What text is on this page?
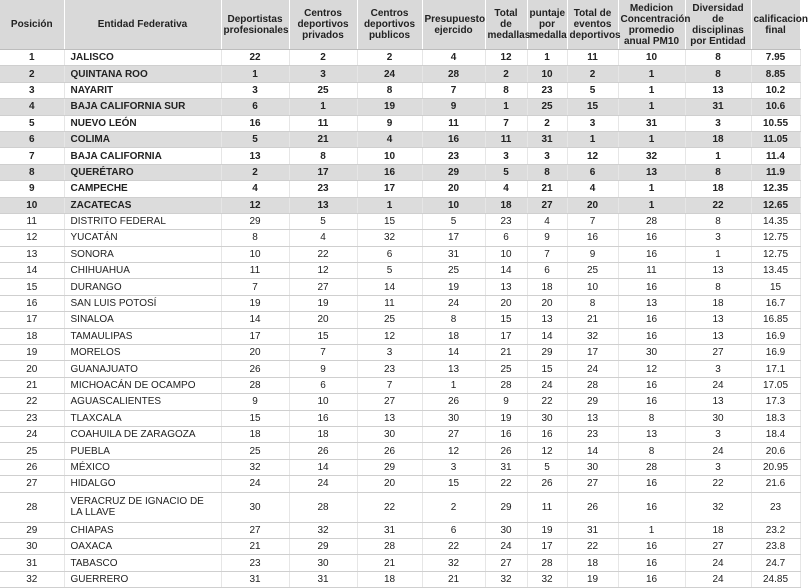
Posición	Entidad Federativa	Deportistas profesionales	Centros deportivos privados	Centros deportivos publicos	Presupuesto ejercido	Total de medallas	puntaje por medalla	Total de eventos deportivos	Medicion Concentración promedio anual PM10	Diversidad de disciplinas por Entidad	calificacion final
1	JALISCO	22	2	2	4	12	1	11	10	8	7.95
2	QUINTANA ROO	1	3	24	28	2	10	2	1	8	8.85
3	NAYARIT	3	25	8	7	8	23	5	1	13	10.2
4	BAJA CALIFORNIA SUR	6	1	19	9	1	25	15	1	31	10.6
5	NUEVO LEÓN	16	11	9	11	7	2	3	31	3	10.55
6	COLIMA	5	21	4	16	11	31	1	1	18	11.05
7	BAJA CALIFORNIA	13	8	10	23	3	3	12	32	1	11.4
8	QUERÉTARO	2	17	16	29	5	8	6	13	8	11.9
9	CAMPECHE	4	23	17	20	4	21	4	1	18	12.35
10	ZACATECAS	12	13	1	10	18	27	20	1	22	12.65
11	DISTRITO FEDERAL	29	5	15	5	23	4	7	28	8	14.35
12	YUCATÁN	8	4	32	17	6	9	16	16	3	12.75
13	SONORA	10	22	6	31	10	7	9	16	1	12.75
14	CHIHUAHUA	11	12	5	25	14	6	25	11	13	13.45
15	DURANGO	7	27	14	19	13	18	10	16	8	15
16	SAN LUIS POTOSÍ	19	19	11	24	20	20	8	13	18	16.7
17	SINALOA	14	20	25	8	15	13	21	16	13	16.85
18	TAMAULIPAS	17	15	12	18	17	14	32	16	13	16.9
19	MORELOS	20	7	3	14	21	29	17	30	27	16.9
20	GUANAJUATO	26	9	23	13	25	15	24	12	3	17.1
21	MICHOACÁN DE OCAMPO	28	6	7	1	28	24	28	16	24	17.05
22	AGUASCALIENTES	9	10	27	26	9	22	29	16	13	17.3
23	TLAXCALA	15	16	13	30	19	30	13	8	30	18.3
24	COAHUILA DE ZARAGOZA	18	18	30	27	16	16	23	13	3	18.4
25	PUEBLA	25	26	26	12	26	12	14	8	24	20.6
26	MÉXICO	32	14	29	3	31	5	30	28	3	20.95
27	HIDALGO	24	24	20	15	22	26	27	16	22	21.6
28	VERACRUZ DE IGNACIO DE LA LLAVE	30	28	22	2	29	11	26	16	32	23
29	CHIAPAS	27	32	31	6	30	19	31	1	18	23.2
30	OAXACA	21	29	28	22	24	17	22	16	27	23.8
31	TABASCO	23	30	21	32	27	28	18	16	24	24.7
32	GUERRERO	31	31	18	21	32	32	19	16	24	24.85
